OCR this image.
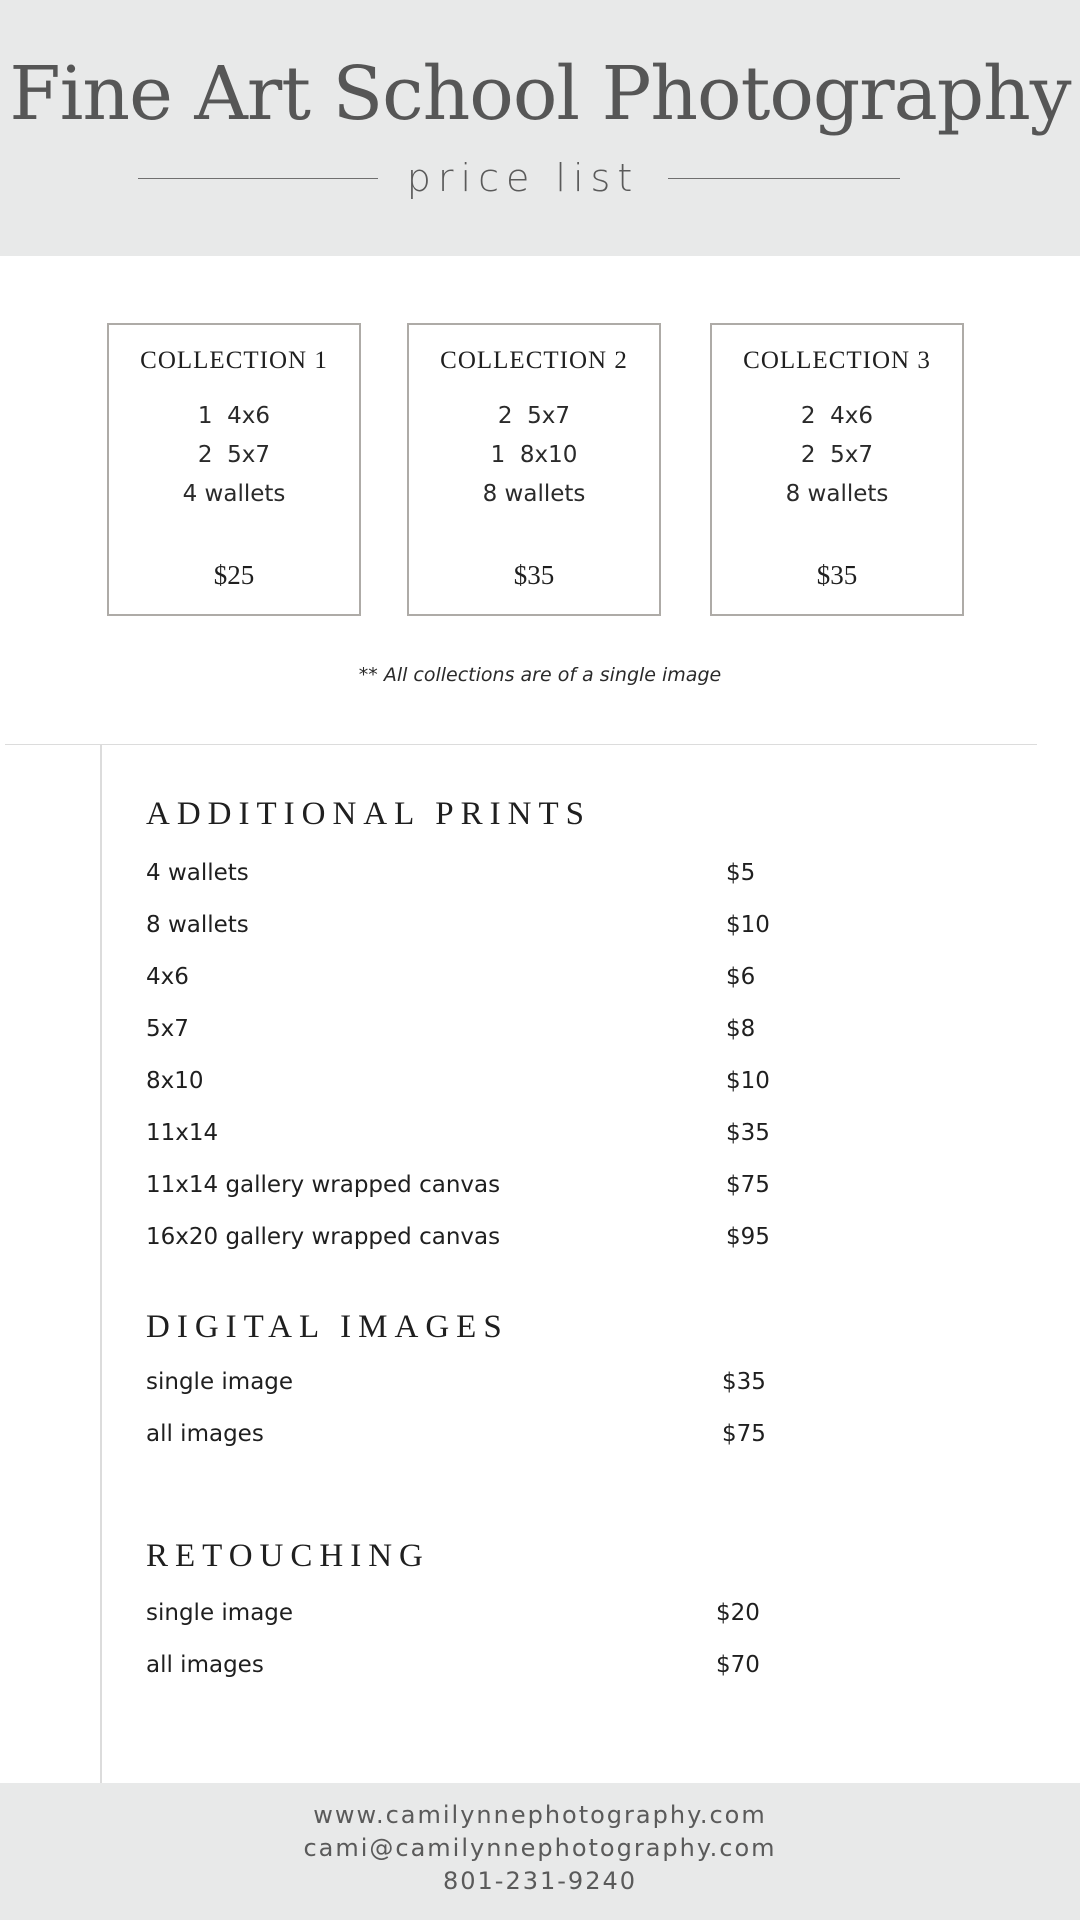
Fine Art School Photography
price list
COLLECTION 1
1  4x6
2  5x7
4 wallets
$25
COLLECTION 2
2  5x7
1  8x10
8 wallets
$35
COLLECTION 3
2  4x6
2  5x7
8 wallets
$35
** All collections are of a single image
ADDITIONAL PRINTS
4 wallets	$5
8 wallets	$10
4x6	$6
5x7	$8
8x10	$10
11x14	$35
11x14 gallery wrapped canvas	$75
16x20 gallery wrapped canvas	$95
DIGITAL IMAGES
single image	$35
all images	$75
RETOUCHING
single image	$20
all images	$70
www.camilynnephotography.com
cami@camilynnephotography.com
801-231-9240
